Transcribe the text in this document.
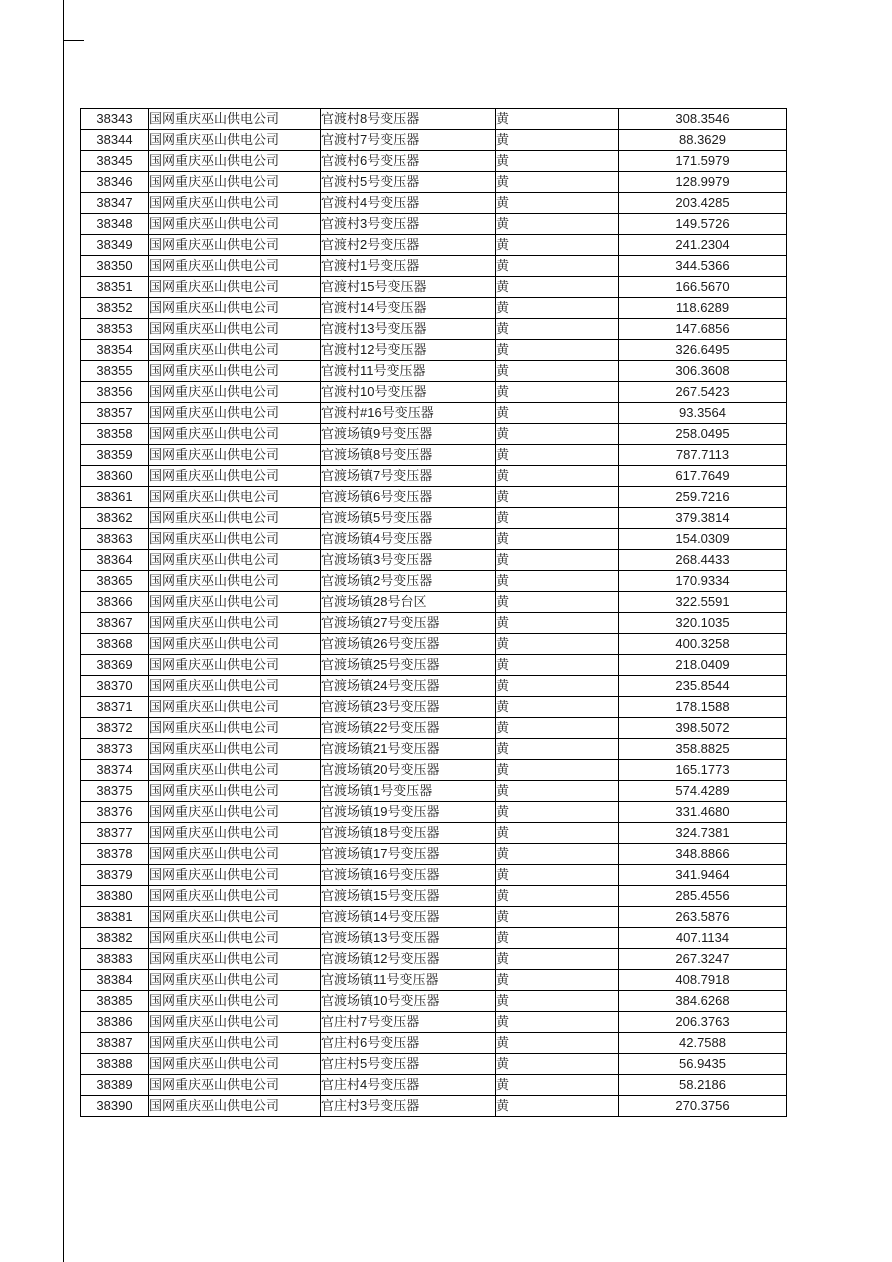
38343	国网重庆巫山供电公司	官渡村8号变压器	黄	308.3546
38344	国网重庆巫山供电公司	官渡村7号变压器	黄	88.3629
38345	国网重庆巫山供电公司	官渡村6号变压器	黄	171.5979
38346	国网重庆巫山供电公司	官渡村5号变压器	黄	128.9979
38347	国网重庆巫山供电公司	官渡村4号变压器	黄	203.4285
38348	国网重庆巫山供电公司	官渡村3号变压器	黄	149.5726
38349	国网重庆巫山供电公司	官渡村2号变压器	黄	241.2304
38350	国网重庆巫山供电公司	官渡村1号变压器	黄	344.5366
38351	国网重庆巫山供电公司	官渡村15号变压器	黄	166.5670
38352	国网重庆巫山供电公司	官渡村14号变压器	黄	118.6289
38353	国网重庆巫山供电公司	官渡村13号变压器	黄	147.6856
38354	国网重庆巫山供电公司	官渡村12号变压器	黄	326.6495
38355	国网重庆巫山供电公司	官渡村11号变压器	黄	306.3608
38356	国网重庆巫山供电公司	官渡村10号变压器	黄	267.5423
38357	国网重庆巫山供电公司	官渡村#16号变压器	黄	93.3564
38358	国网重庆巫山供电公司	官渡场镇9号变压器	黄	258.0495
38359	国网重庆巫山供电公司	官渡场镇8号变压器	黄	787.7113
38360	国网重庆巫山供电公司	官渡场镇7号变压器	黄	617.7649
38361	国网重庆巫山供电公司	官渡场镇6号变压器	黄	259.7216
38362	国网重庆巫山供电公司	官渡场镇5号变压器	黄	379.3814
38363	国网重庆巫山供电公司	官渡场镇4号变压器	黄	154.0309
38364	国网重庆巫山供电公司	官渡场镇3号变压器	黄	268.4433
38365	国网重庆巫山供电公司	官渡场镇2号变压器	黄	170.9334
38366	国网重庆巫山供电公司	官渡场镇28号台区	黄	322.5591
38367	国网重庆巫山供电公司	官渡场镇27号变压器	黄	320.1035
38368	国网重庆巫山供电公司	官渡场镇26号变压器	黄	400.3258
38369	国网重庆巫山供电公司	官渡场镇25号变压器	黄	218.0409
38370	国网重庆巫山供电公司	官渡场镇24号变压器	黄	235.8544
38371	国网重庆巫山供电公司	官渡场镇23号变压器	黄	178.1588
38372	国网重庆巫山供电公司	官渡场镇22号变压器	黄	398.5072
38373	国网重庆巫山供电公司	官渡场镇21号变压器	黄	358.8825
38374	国网重庆巫山供电公司	官渡场镇20号变压器	黄	165.1773
38375	国网重庆巫山供电公司	官渡场镇1号变压器	黄	574.4289
38376	国网重庆巫山供电公司	官渡场镇19号变压器	黄	331.4680
38377	国网重庆巫山供电公司	官渡场镇18号变压器	黄	324.7381
38378	国网重庆巫山供电公司	官渡场镇17号变压器	黄	348.8866
38379	国网重庆巫山供电公司	官渡场镇16号变压器	黄	341.9464
38380	国网重庆巫山供电公司	官渡场镇15号变压器	黄	285.4556
38381	国网重庆巫山供电公司	官渡场镇14号变压器	黄	263.5876
38382	国网重庆巫山供电公司	官渡场镇13号变压器	黄	407.1134
38383	国网重庆巫山供电公司	官渡场镇12号变压器	黄	267.3247
38384	国网重庆巫山供电公司	官渡场镇11号变压器	黄	408.7918
38385	国网重庆巫山供电公司	官渡场镇10号变压器	黄	384.6268
38386	国网重庆巫山供电公司	官庄村7号变压器	黄	206.3763
38387	国网重庆巫山供电公司	官庄村6号变压器	黄	42.7588
38388	国网重庆巫山供电公司	官庄村5号变压器	黄	56.9435
38389	国网重庆巫山供电公司	官庄村4号变压器	黄	58.2186
38390	国网重庆巫山供电公司	官庄村3号变压器	黄	270.3756
